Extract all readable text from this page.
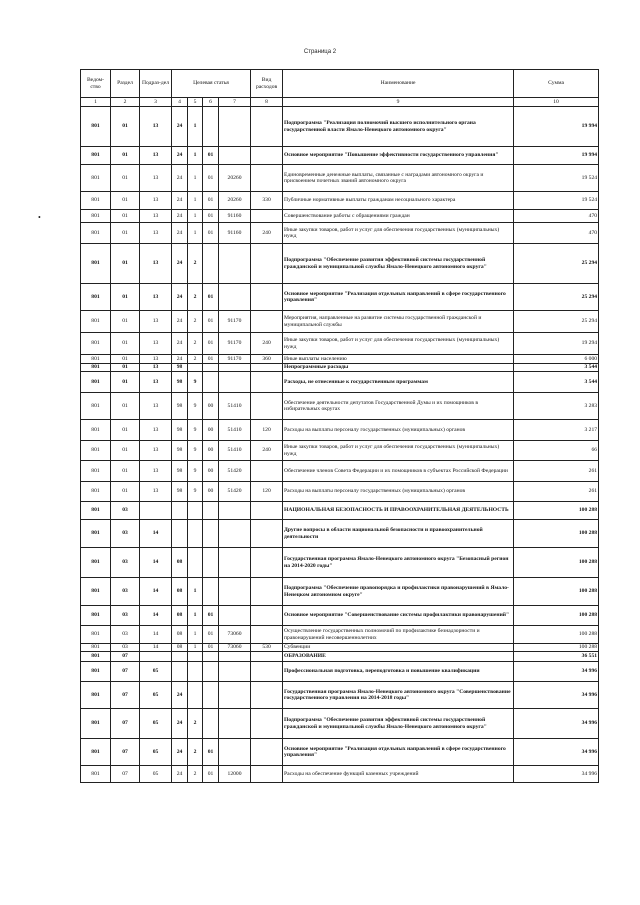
Страница 2
•
Ведом-ство	Раздел	Подраз-дел	Целевая статья				Вид расходов	Наименование	Сумма
1	2	3	4	5	6	7	8	9	10
801	01	13	24	1				Подпрограмма "Реализация полномочий высшего исполнительного органа государственной власти Ямало-Ненецкого автономного округа"	19 994
801	01	13	24	1	01			Основное мероприятие "Повышение эффективности государственного управления"	19 994
801	01	13	24	1	01	20260		Единовременные денежные выплаты, связанные с наградами автономного округа и присвоением почетных званий автономного округа	19 524
801	01	13	24	1	01	20260	330	Публичные нормативные выплаты гражданам несоциального характера	19 524
801	01	13	24	1	01	91160		Совершенствование работы с обращениями граждан	470
801	01	13	24	1	01	91160	240	Иные закупки товаров, работ и услуг для обеспечения государственных (муниципальных) нужд	470
801	01	13	24	2				Подпрограмма "Обеспечение развития эффективной системы государственной гражданской и муниципальной службы Ямало-Ненецкого автономного округа"	25 294
801	01	13	24	2	01			Основное мероприятие "Реализация отдельных направлений в сфере государственного управления"	25 294
801	01	13	24	2	01	91170		Мероприятия, направленные на развитие системы государственной гражданской и муниципальной службы	25 294
801	01	13	24	2	01	91170	240	Иные закупки товаров, работ и услуг для обеспечения государственных (муниципальных) нужд	19 294
801	01	13	24	2	01	91170	360	Иные выплаты населению	6 000
801	01	13	98					Непрограммные расходы	3 544
801	01	13	98	9				Расходы, не отнесенные к государственным программам	3 544
801	01	13	98	9	00	51410		Обеспечение деятельности депутатов Государственной Думы и их помощников в избирательных округах	3 283
801	01	13	98	9	00	51410	120	Расходы на выплаты персоналу государственных (муниципальных) органов	3 217
801	01	13	98	9	00	51410	240	Иные закупки товаров, работ и услуг для обеспечения государственных (муниципальных) нужд	66
801	01	13	98	9	00	51420		Обеспечение членов Совета Федерации и их помощников в субъектах Российской Федерации	261
801	01	13	98	9	00	51420	120	Расходы на выплаты персоналу государственных (муниципальных) органов	261
801	03							НАЦИОНАЛЬНАЯ БЕЗОПАСНОСТЬ И ПРАВООХРАНИТЕЛЬНАЯ ДЕЯТЕЛЬНОСТЬ	100 288
801	03	14						Другие вопросы в области национальной безопасности и правоохранительной деятельности	100 288
801	03	14	08					Государственная программа Ямало-Ненецкого автономного округа "Безопасный регион на 2014-2020 годы"	100 288
801	03	14	08	1				Подпрограмма "Обеспечение правопорядка и профилактики правонарушений в Ямало-Ненецком автономном округе"	100 288
801	03	14	08	1	01			Основное мероприятие "Совершенствование системы профилактики правонарушений"	100 288
801	03	14	08	1	01	73060		Осуществление государственных полномочий по профилактике безнадзорности и правонарушений несовершеннолетних	100 288
801	03	14	08	1	01	73060	530	Субвенции	100 288
801	07							ОБРАЗОВАНИЕ	36 551
801	07	05						Профессиональная подготовка, переподготовка и повышение квалификации	34 996
801	07	05	24					Государственная программа Ямало-Ненецкого автономного округа "Совершенствование государственного управления на 2014-2018 годы"	34 996
801	07	05	24	2				Подпрограмма "Обеспечение развития эффективной системы государственной гражданской и муниципальной службы Ямало-Ненецкого автономного округа"	34 996
801	07	05	24	2	01			Основное мероприятие "Реализация отдельных направлений в сфере государственного управления"	34 996
801	07	05	24	2	01	12000		Расходы на обеспечение функций казенных учреждений	34 996
